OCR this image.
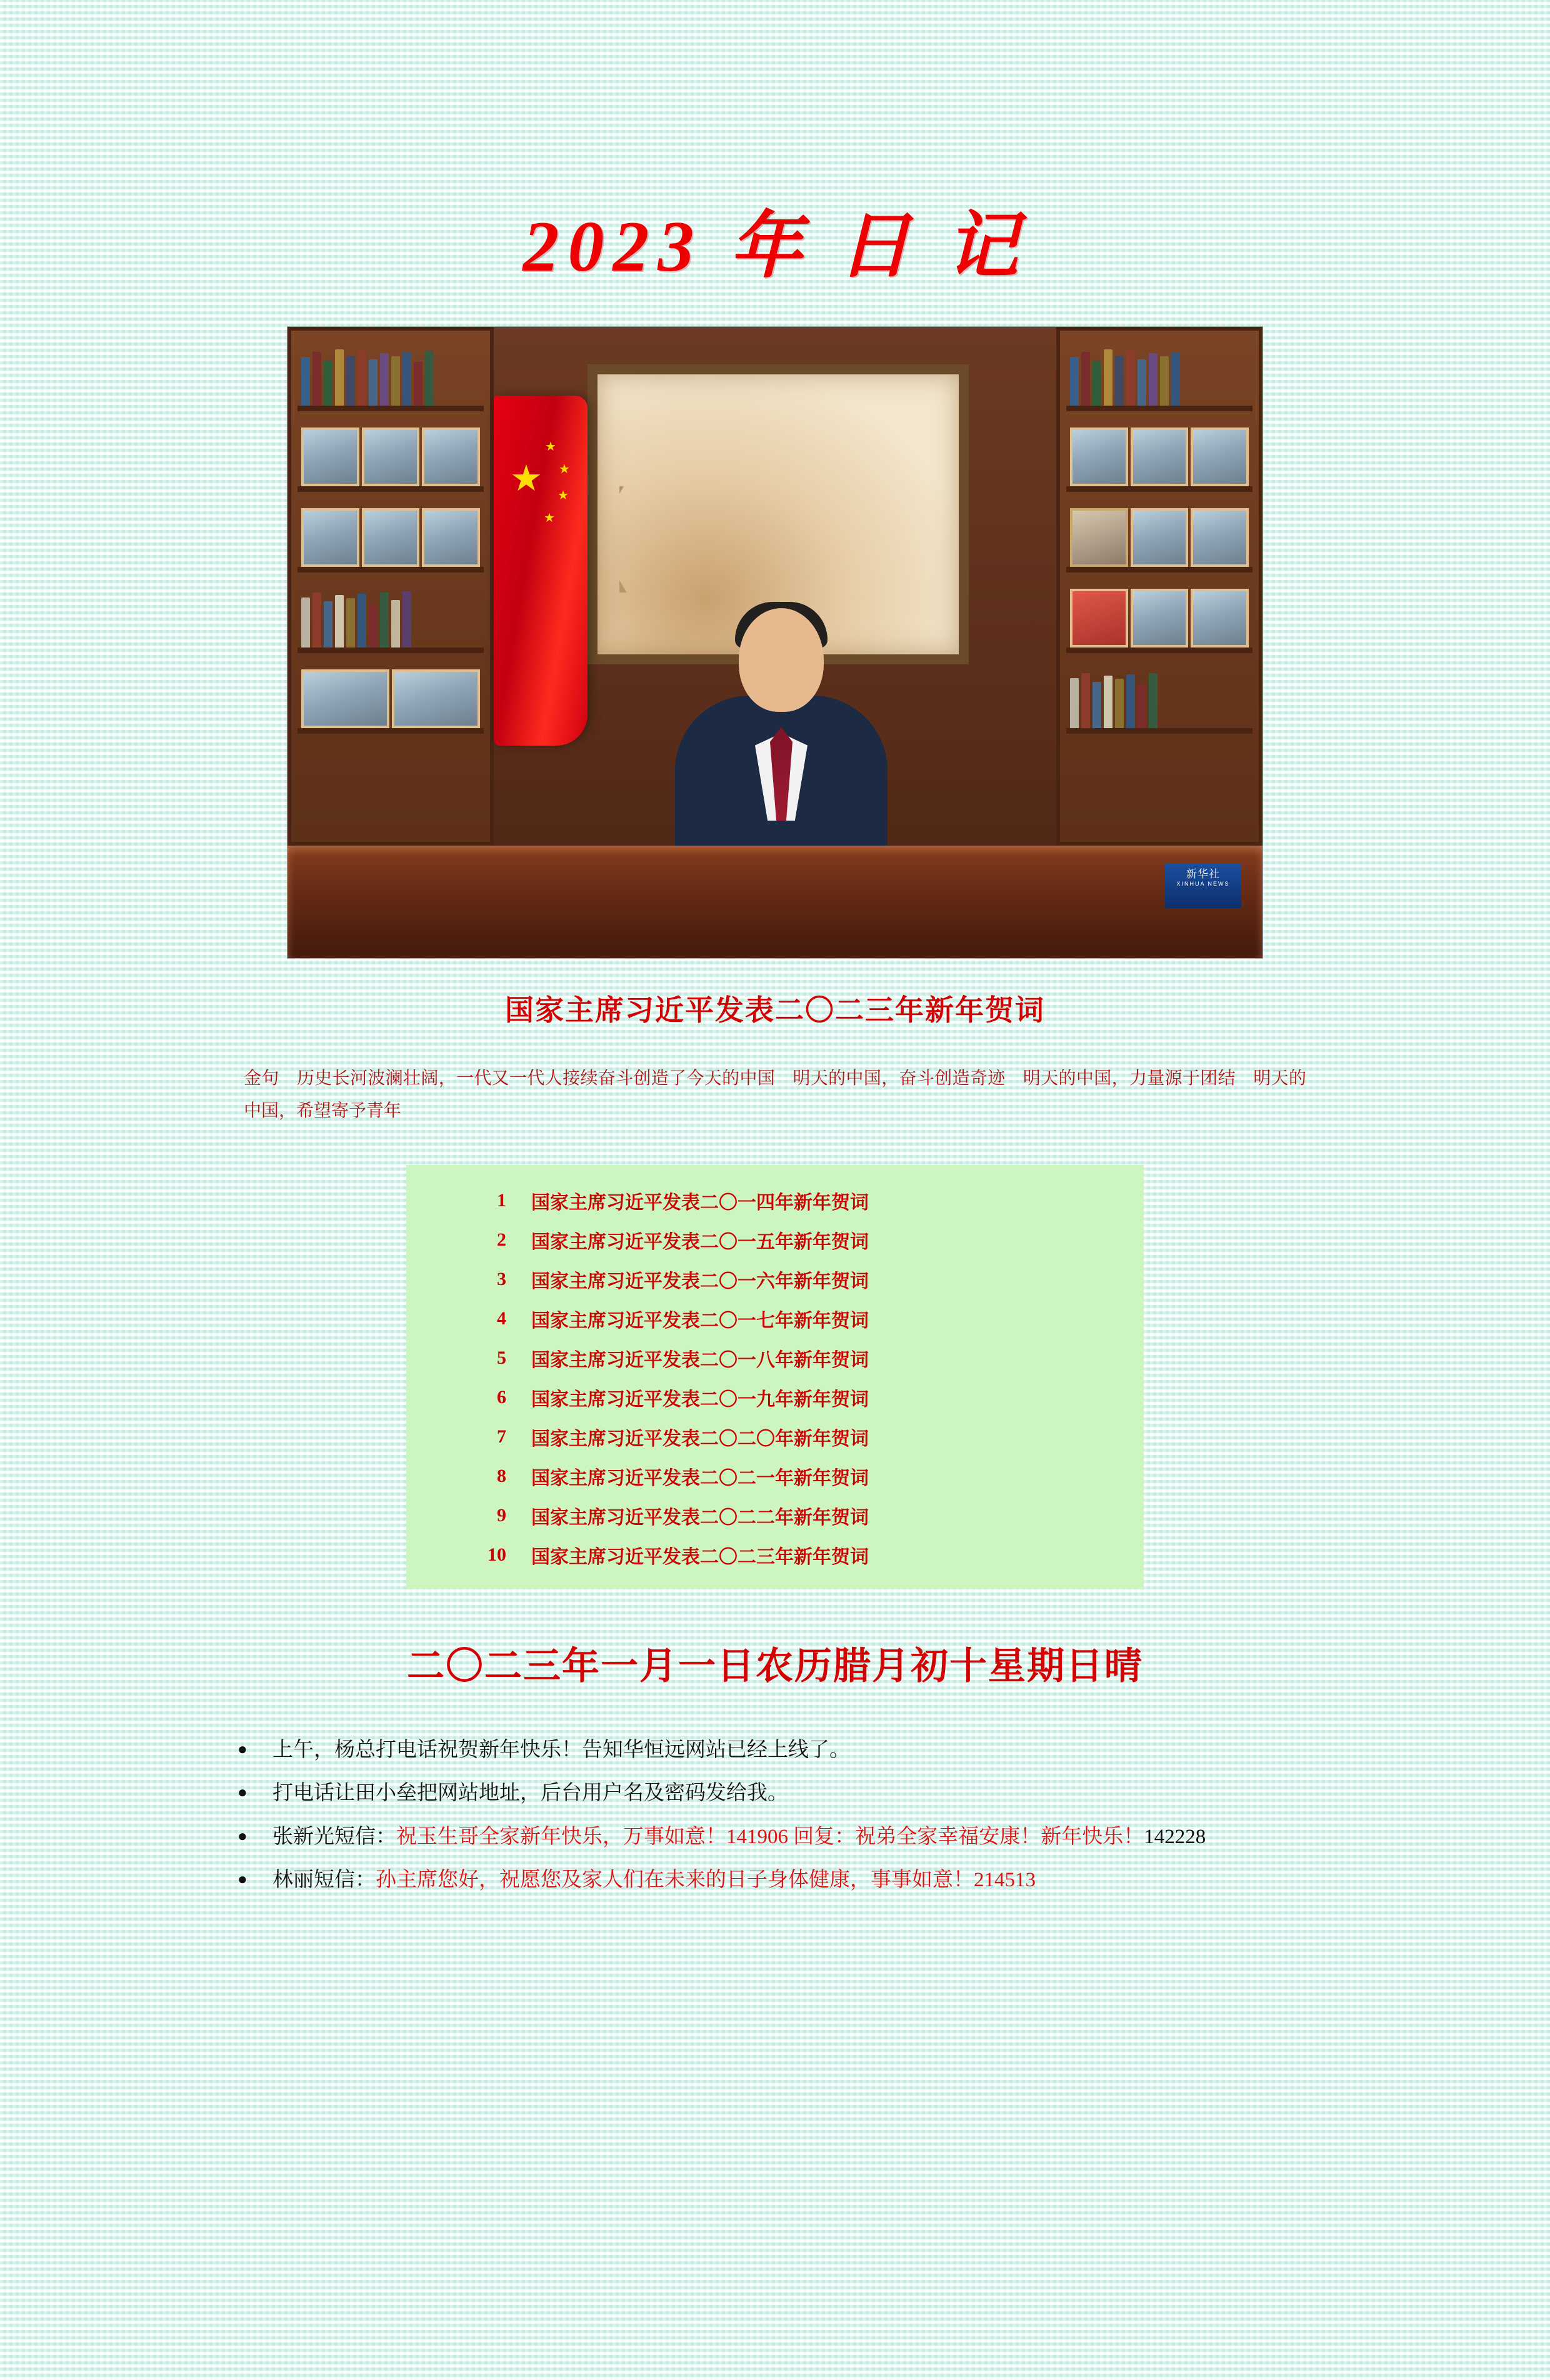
2023 年 日 记
★
★
★
★
★
新华社
XINHUA NEWS
国家主席习近平发表二〇二三年新年贺词
金句　历史长河波澜壮阔，一代又一代人接续奋斗创造了今天的中国　明天的中国，奋斗创造奇迹　明天的中国，力量源于团结　明天的中国，希望寄予青年
1	国家主席习近平发表二〇一四年新年贺词
2	国家主席习近平发表二〇一五年新年贺词
3	国家主席习近平发表二〇一六年新年贺词
4	国家主席习近平发表二〇一七年新年贺词
5	国家主席习近平发表二〇一八年新年贺词
6	国家主席习近平发表二〇一九年新年贺词
7	国家主席习近平发表二〇二〇年新年贺词
8	国家主席习近平发表二〇二一年新年贺词
9	国家主席习近平发表二〇二二年新年贺词
10	国家主席习近平发表二〇二三年新年贺词
二〇二三年一月一日农历腊月初十星期日晴
●	上午，杨总打电话祝贺新年快乐！告知华恒远网站已经上线了。
●	打电话让田小垒把网站地址，后台用户名及密码发给我。
●	张新光短信：祝玉生哥全家新年快乐，万事如意！141906 回复：祝弟全家幸福安康！新年快乐！142228
●	林丽短信：孙主席您好，祝愿您及家人们在未来的日子身体健康，事事如意！214513
